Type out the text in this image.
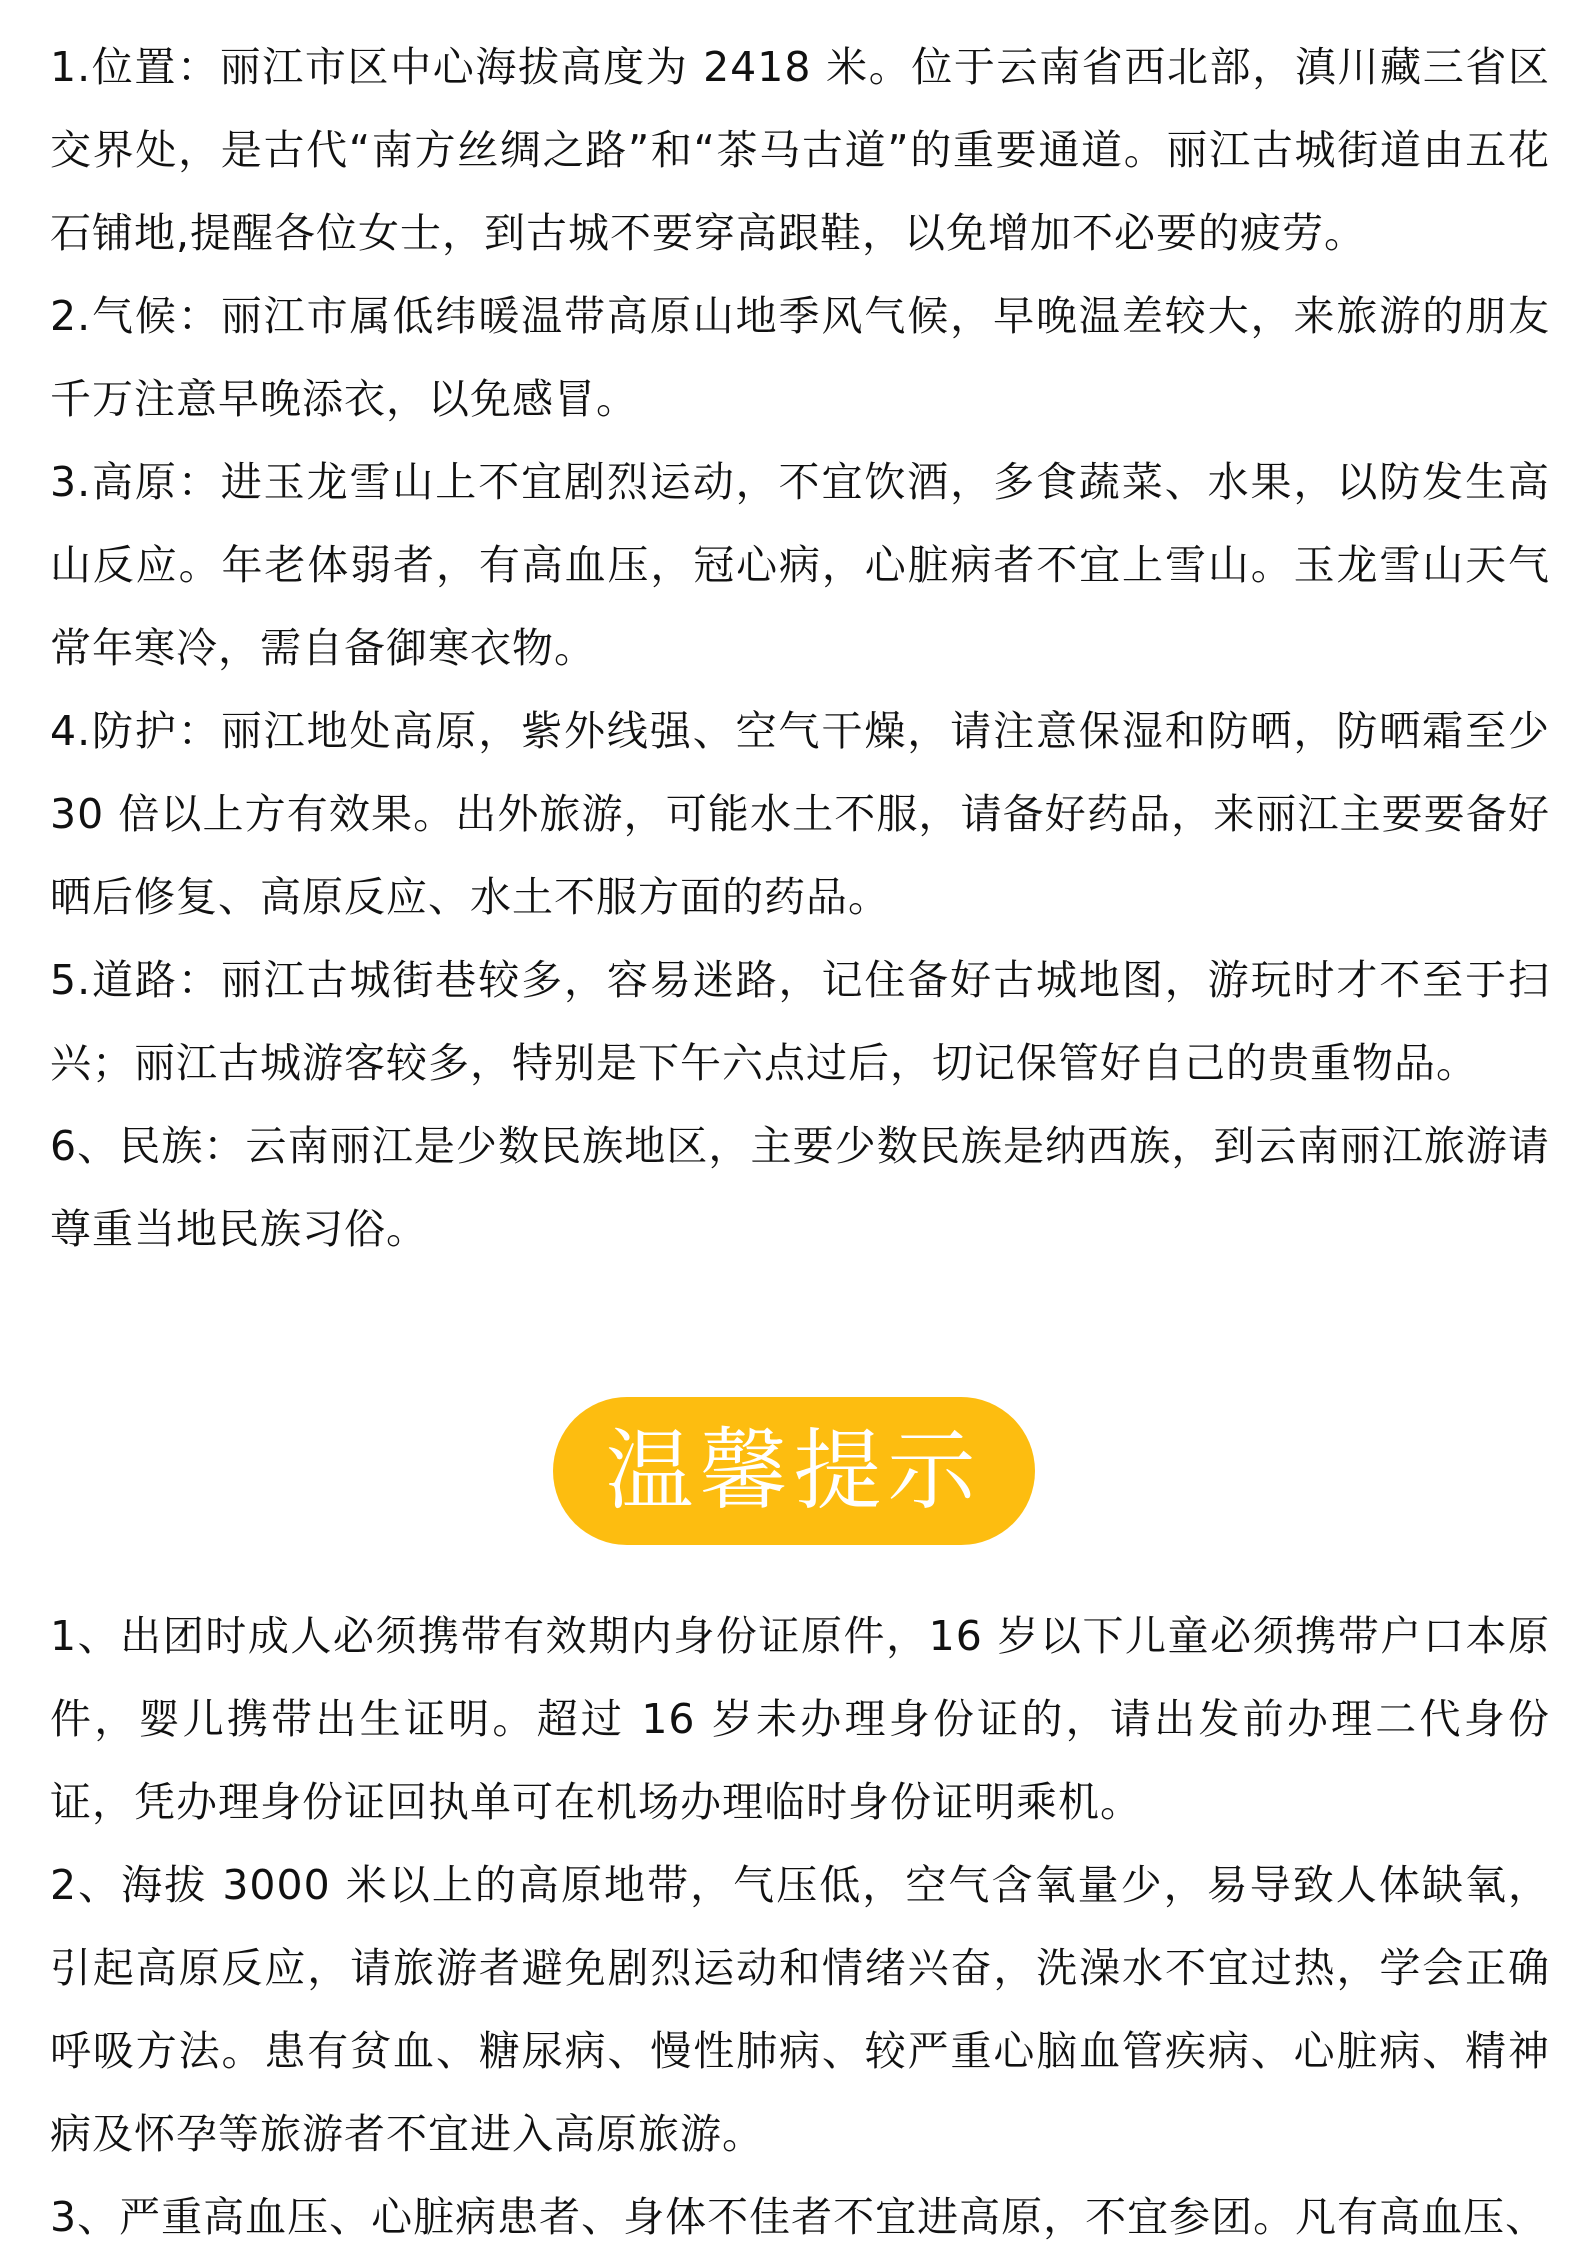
1.位置：丽江市区中心海拔高度为 2418 米。位于云南省西北部，滇川藏三省区交界处，是古代“南方丝绸之路”和“茶马古道”的重要通道。丽江古城街道由五花石铺地,提醒各位女士，到古城不要穿高跟鞋，以免增加不必要的疲劳。

2.气候：丽江市属低纬暖温带高原山地季风气候，早晚温差较大，来旅游的朋友千万注意早晚添衣，以免感冒。

3.高原：进玉龙雪山上不宜剧烈运动，不宜饮酒，多食蔬菜、水果，以防发生高山反应。年老体弱者，有高血压，冠心病，心脏病者不宜上雪山。玉龙雪山天气常年寒冷，需自备御寒衣物。

4.防护：丽江地处高原，紫外线强、空气干燥，请注意保湿和防晒，防晒霜至少 30 倍以上方有效果。出外旅游，可能水土不服，请备好药品，来丽江主要要备好晒后修复、高原反应、水土不服方面的药品。

5.道路：丽江古城街巷较多，容易迷路，记住备好古城地图，游玩时才不至于扫兴；丽江古城游客较多，特别是下午六点过后，切记保管好自己的贵重物品。

6、民族：云南丽江是少数民族地区，主要少数民族是纳西族，到云南丽江旅游请尊重当地民族习俗。

温馨提示

1、出团时成人必须携带有效期内身份证原件，16 岁以下儿童必须携带户口本原件，婴儿携带出生证明。超过 16 岁未办理身份证的，请出发前办理二代身份证，凭办理身份证回执单可在机场办理临时身份证明乘机。

2、海拔 3000 米以上的高原地带，气压低，空气含氧量少，易导致人体缺氧，引起高原反应，请旅游者避免剧烈运动和情绪兴奋，洗澡水不宜过热，学会正确呼吸方法。患有贫血、糖尿病、慢性肺病、较严重心脑血管疾病、心脏病、精神病及怀孕等旅游者不宜进入高原旅游。

3、严重高血压、心脏病患者、身体不佳者不宜进高原，不宜参团。凡有高血压、
